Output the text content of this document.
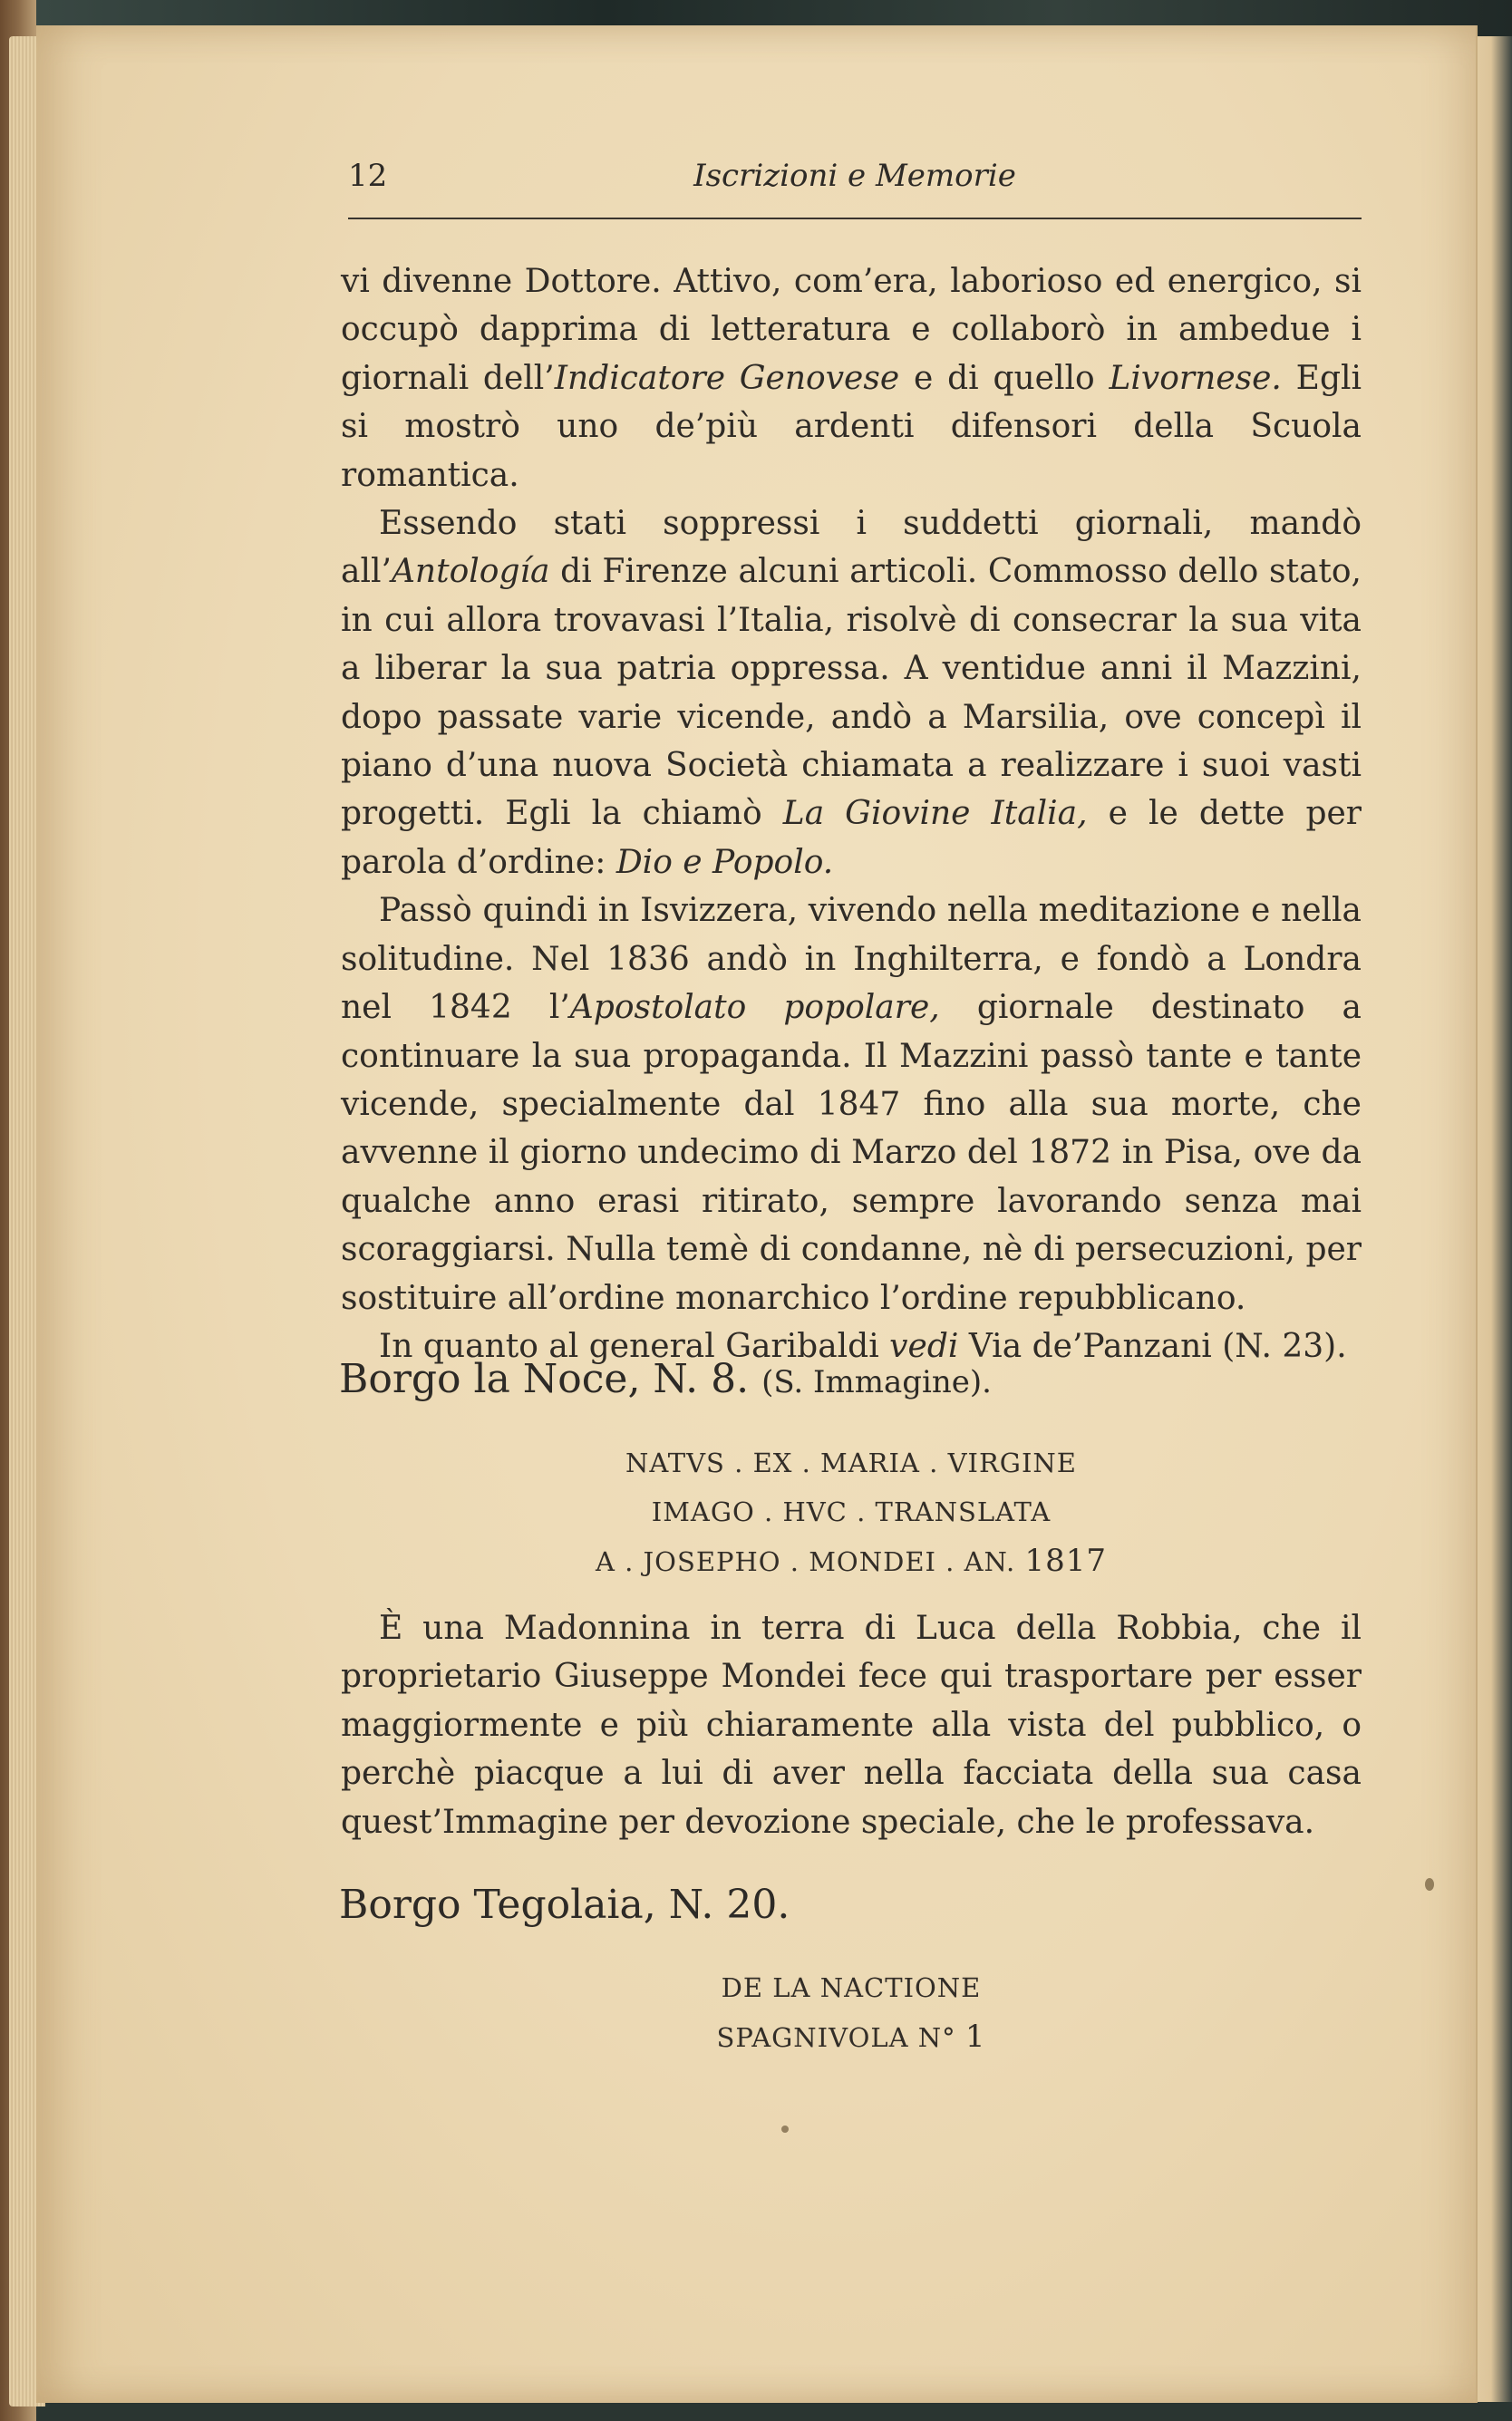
12	Iscrizioni e Memorie

vi divenne Dottore. Attivo, com’era, laborioso ed energico, si occupò dapprima di letteratura e collaborò in ambedue i giornali dell’Indicatore Genovese e di quello Livornese. Egli si mostrò uno de’più ardenti difensori della Scuola romantica.

Essendo stati soppressi i suddetti giornali, mandò all’Antología di Firenze alcuni articoli. Commosso dello stato, in cui allora trovavasi l’Italia, risolvè di consecrar la sua vita a liberar la sua patria oppressa. A ventidue anni il Mazzini, dopo passate varie vicende, andò a Marsilia, ove concepì il piano d’una nuova Società chiamata a realizzare i suoi vasti progetti. Egli la chiamò La Giovine Italia, e le dette per parola d’ordine: Dio e Popolo.

Passò quindi in Isvizzera, vivendo nella meditazione e nella solitudine. Nel 1836 andò in Inghilterra, e fondò a Londra nel 1842 l’Apostolato popolare, giornale destinato a continuare la sua propaganda. Il Mazzini passò tante e tante vicende, specialmente dal 1847 fino alla sua morte, che avvenne il giorno undecimo di Marzo del 1872 in Pisa, ove da qualche anno erasi ritirato, sempre lavorando senza mai scoraggiarsi. Nulla temè di condanne, nè di persecuzioni, per sostituire all’ordine monarchico l’ordine repubblicano.

In quanto al general Garibaldi vedi Via de’Panzani (N. 23).

Borgo la Noce, N. 8. (S. Immagine).
NATVS . EX . MARIA . VIRGINE
IMAGO . HVC . TRANSLATA
A . JOSEPHO . MONDEI . AN. 1817

È una Madonnina in terra di Luca della Robbia, che il proprietario Giuseppe Mondei fece qui trasportare per esser maggiormente e più chiaramente alla vista del pubblico, o perchè piacque a lui di aver nella facciata della sua casa quest’Immagine per devozione speciale, che le professava.

Borgo Tegolaia, N. 20.
DE LA NACTIONE
SPAGNIVOLA N° 1
